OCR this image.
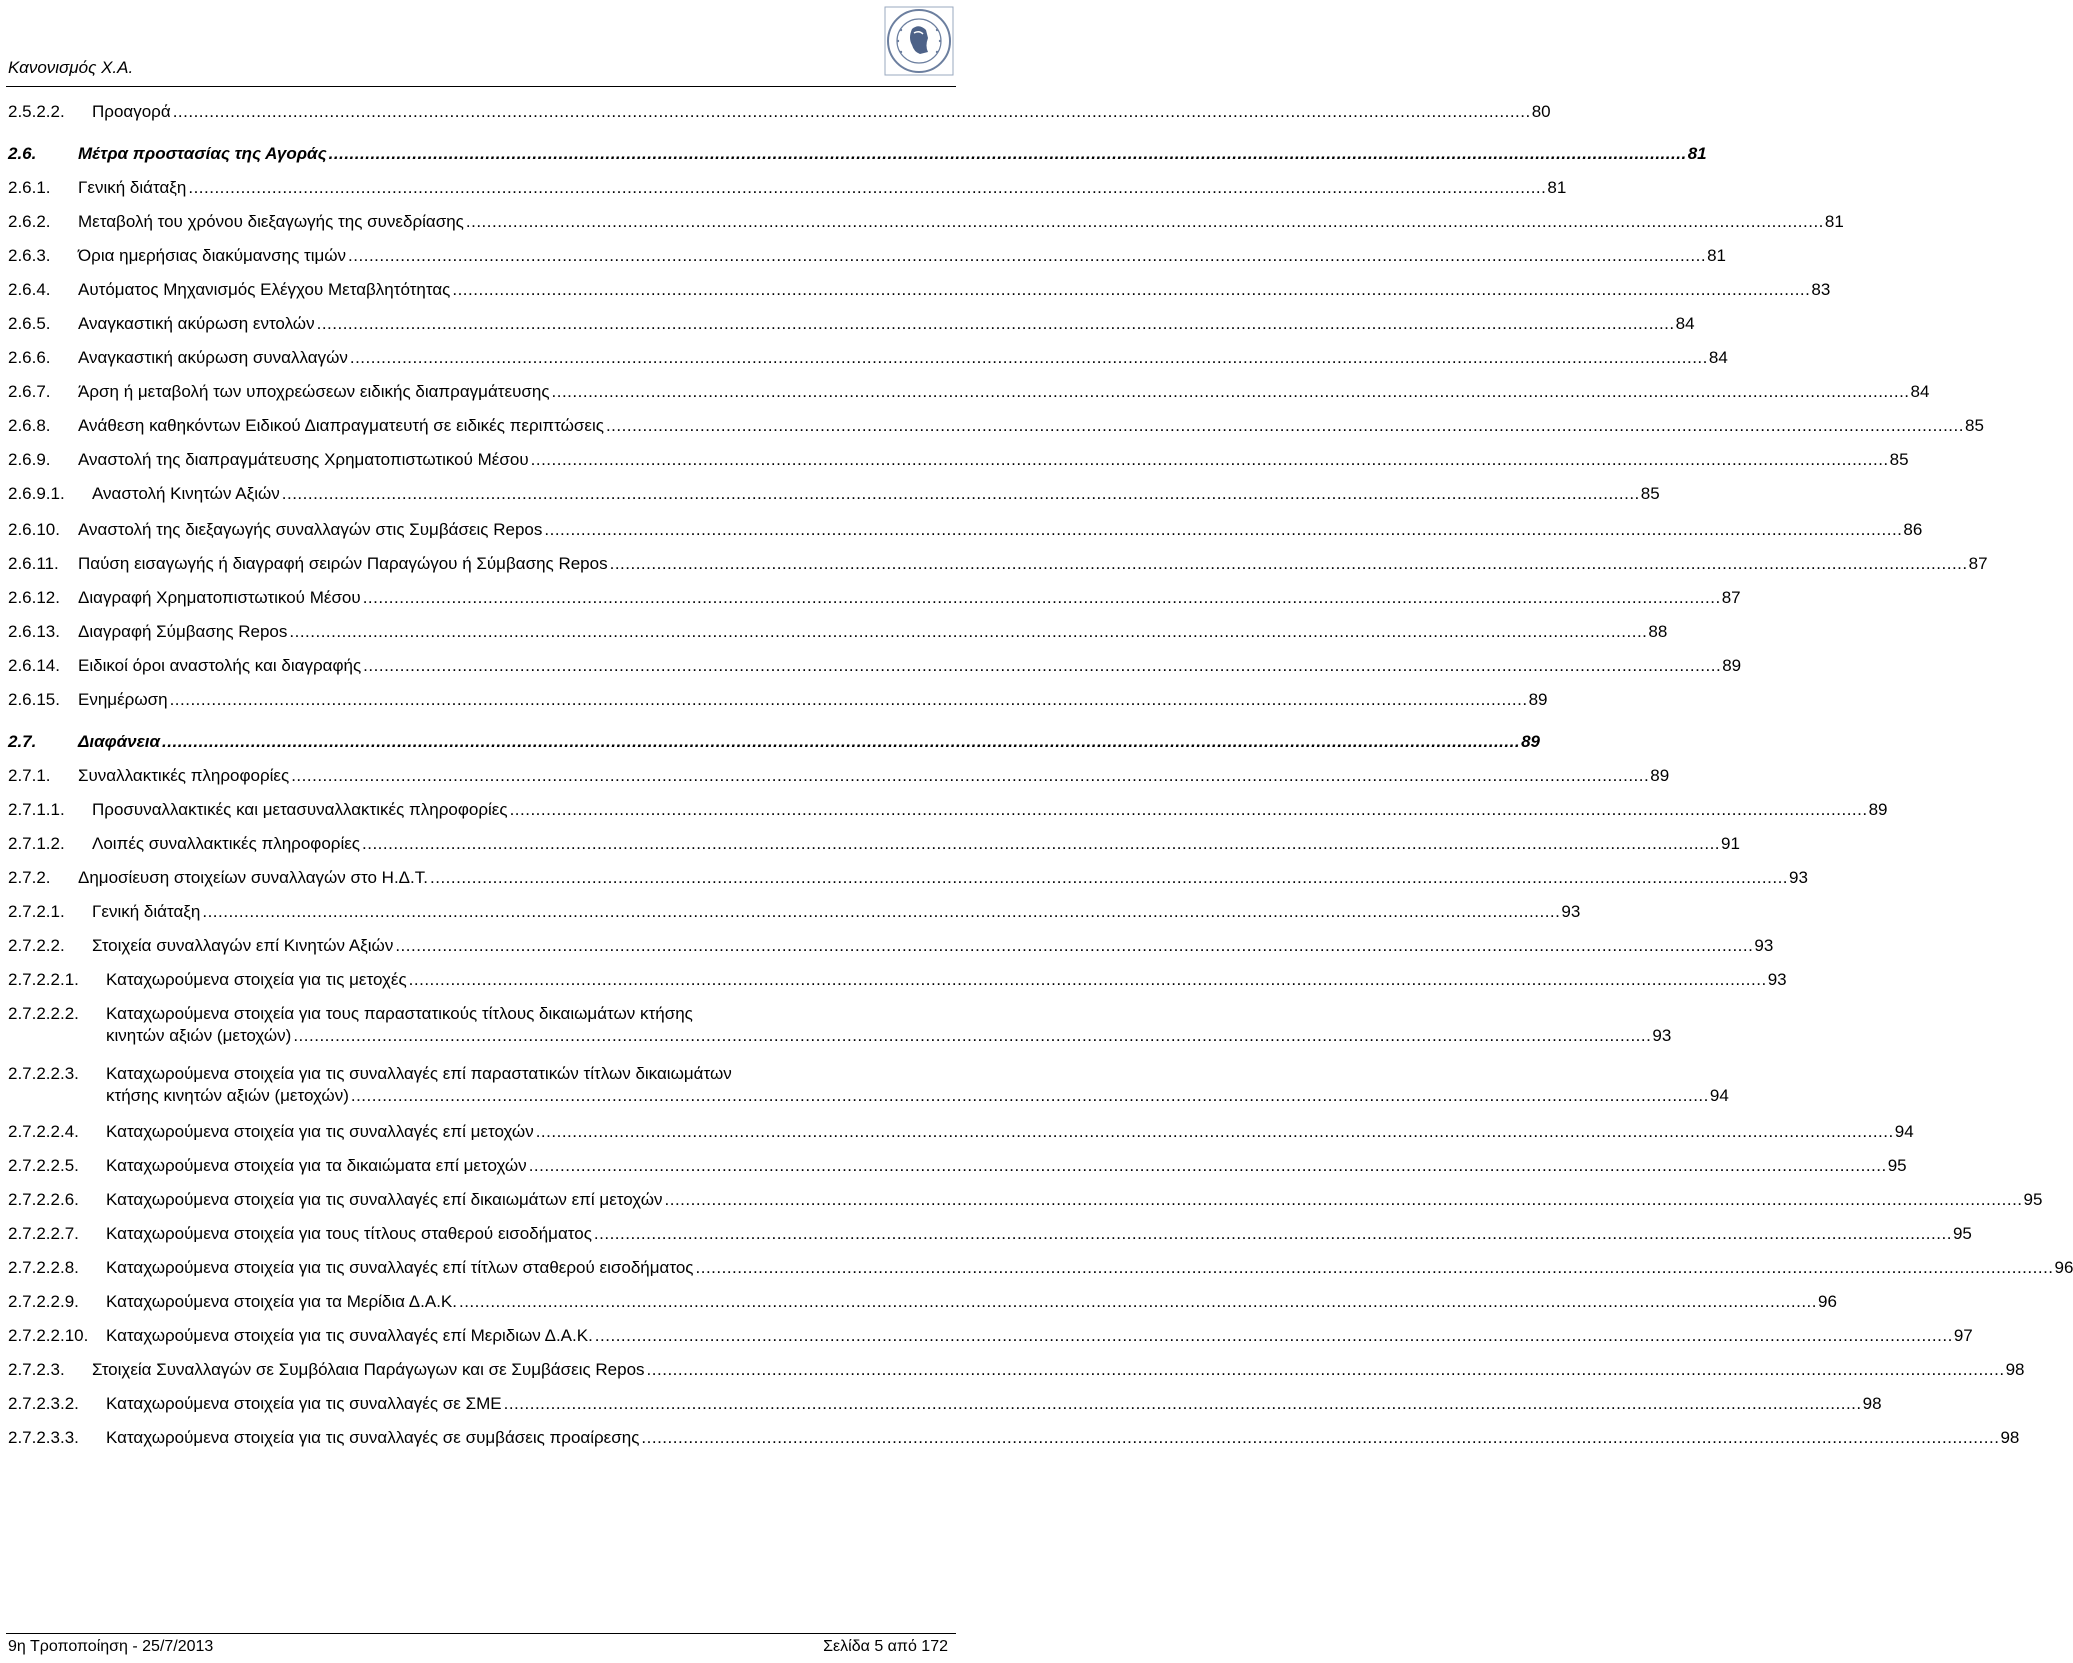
Κανονισμός Χ.Α.
2.5.2.2. Προαγορά .................................................................................................................................................................................................................................................................... 80
2.6. Μέτρα προστασίας της Αγοράς .................................................................................................................................................................................................................................................................... 81
2.6.1. Γενική διάταξη .................................................................................................................................................................................................................................................................... 81
2.6.2. Μεταβολή του χρόνου διεξαγωγής της συνεδρίασης .................................................................................................................................................................................................................................................................... 81
2.6.3. Όρια ημερήσιας διακύμανσης τιμών .................................................................................................................................................................................................................................................................... 81
2.6.4. Αυτόματος Μηχανισμός Ελέγχου Μεταβλητότητας .................................................................................................................................................................................................................................................................... 83
2.6.5. Αναγκαστική ακύρωση εντολών .................................................................................................................................................................................................................................................................... 84
2.6.6. Αναγκαστική ακύρωση συναλλαγών .................................................................................................................................................................................................................................................................... 84
2.6.7. Άρση ή μεταβολή των υποχρεώσεων ειδικής διαπραγμάτευσης .................................................................................................................................................................................................................................................................... 84
2.6.8. Ανάθεση καθηκόντων Ειδικού Διαπραγματευτή σε ειδικές περιπτώσεις .................................................................................................................................................................................................................................................................... 85
2.6.9. Αναστολή της διαπραγμάτευσης Χρηματοπιστωτικού Μέσου .................................................................................................................................................................................................................................................................... 85
2.6.9.1. Αναστολή Κινητών Αξιών .................................................................................................................................................................................................................................................................... 85
2.6.10. Αναστολή της διεξαγωγής συναλλαγών στις Συμβάσεις Repos .................................................................................................................................................................................................................................................................... 86
2.6.11. Παύση εισαγωγής ή διαγραφή σειρών Παραγώγου ή Σύμβασης Repos .................................................................................................................................................................................................................................................................... 87
2.6.12. Διαγραφή Χρηματοπιστωτικού Μέσου .................................................................................................................................................................................................................................................................... 87
2.6.13. Διαγραφή Σύμβασης Repos .................................................................................................................................................................................................................................................................... 88
2.6.14. Ειδικοί όροι αναστολής και διαγραφής .................................................................................................................................................................................................................................................................... 89
2.6.15. Ενημέρωση .................................................................................................................................................................................................................................................................... 89
2.7. Διαφάνεια .................................................................................................................................................................................................................................................................... 89
2.7.1. Συναλλακτικές πληροφορίες .................................................................................................................................................................................................................................................................... 89
2.7.1.1. Προσυναλλακτικές και μετασυναλλακτικές πληροφορίες .................................................................................................................................................................................................................................................................... 89
2.7.1.2. Λοιπές συναλλακτικές πληροφορίες .................................................................................................................................................................................................................................................................... 91
2.7.2. Δημοσίευση στοιχείων συναλλαγών στο Η.Δ.Τ. .................................................................................................................................................................................................................................................................... 93
2.7.2.1. Γενική διάταξη .................................................................................................................................................................................................................................................................... 93
2.7.2.2. Στοιχεία συναλλαγών επί Κινητών Αξιών .................................................................................................................................................................................................................................................................... 93
2.7.2.2.1. Καταχωρούμενα στοιχεία για τις μετοχές .................................................................................................................................................................................................................................................................... 93
2.7.2.2.2. Καταχωρούμενα στοιχεία για τους παραστατικούς τίτλους δικαιωμάτων κτήσης
κινητών αξιών (μετοχών) .................................................................................................................................................................................................................................................................... 93
2.7.2.2.3. Καταχωρούμενα στοιχεία για τις συναλλαγές επί παραστατικών τίτλων δικαιωμάτων
κτήσης κινητών αξιών (μετοχών) .................................................................................................................................................................................................................................................................... 94
2.7.2.2.4. Καταχωρούμενα στοιχεία για τις συναλλαγές επί μετοχών .................................................................................................................................................................................................................................................................... 94
2.7.2.2.5. Καταχωρούμενα στοιχεία για τα δικαιώματα επί μετοχών .................................................................................................................................................................................................................................................................... 95
2.7.2.2.6. Καταχωρούμενα στοιχεία για τις συναλλαγές επί δικαιωμάτων επί μετοχών .................................................................................................................................................................................................................................................................... 95
2.7.2.2.7. Καταχωρούμενα στοιχεία για τους τίτλους σταθερού εισοδήματος .................................................................................................................................................................................................................................................................... 95
2.7.2.2.8. Καταχωρούμενα στοιχεία για τις συναλλαγές επί τίτλων σταθερού εισοδήματος .................................................................................................................................................................................................................................................................... 96
2.7.2.2.9. Καταχωρούμενα στοιχεία για τα Μερίδια Δ.Α.Κ. .................................................................................................................................................................................................................................................................... 96
2.7.2.2.10. Καταχωρούμενα στοιχεία για τις συναλλαγές επί Μεριδιων Δ.Α.Κ. .................................................................................................................................................................................................................................................................... 97
2.7.2.3. Στοιχεία Συναλλαγών σε Συμβόλαια Παράγωγων και σε Συμβάσεις Repos .................................................................................................................................................................................................................................................................... 98
2.7.2.3.2. Καταχωρούμενα στοιχεία για τις συναλλαγές σε ΣΜΕ .................................................................................................................................................................................................................................................................... 98
2.7.2.3.3. Καταχωρούμενα στοιχεία για τις συναλλαγές σε συμβάσεις προαίρεσης .................................................................................................................................................................................................................................................................... 98
9η Τροποποίηση - 25/7/2013	Σελίδα 5 από 172
